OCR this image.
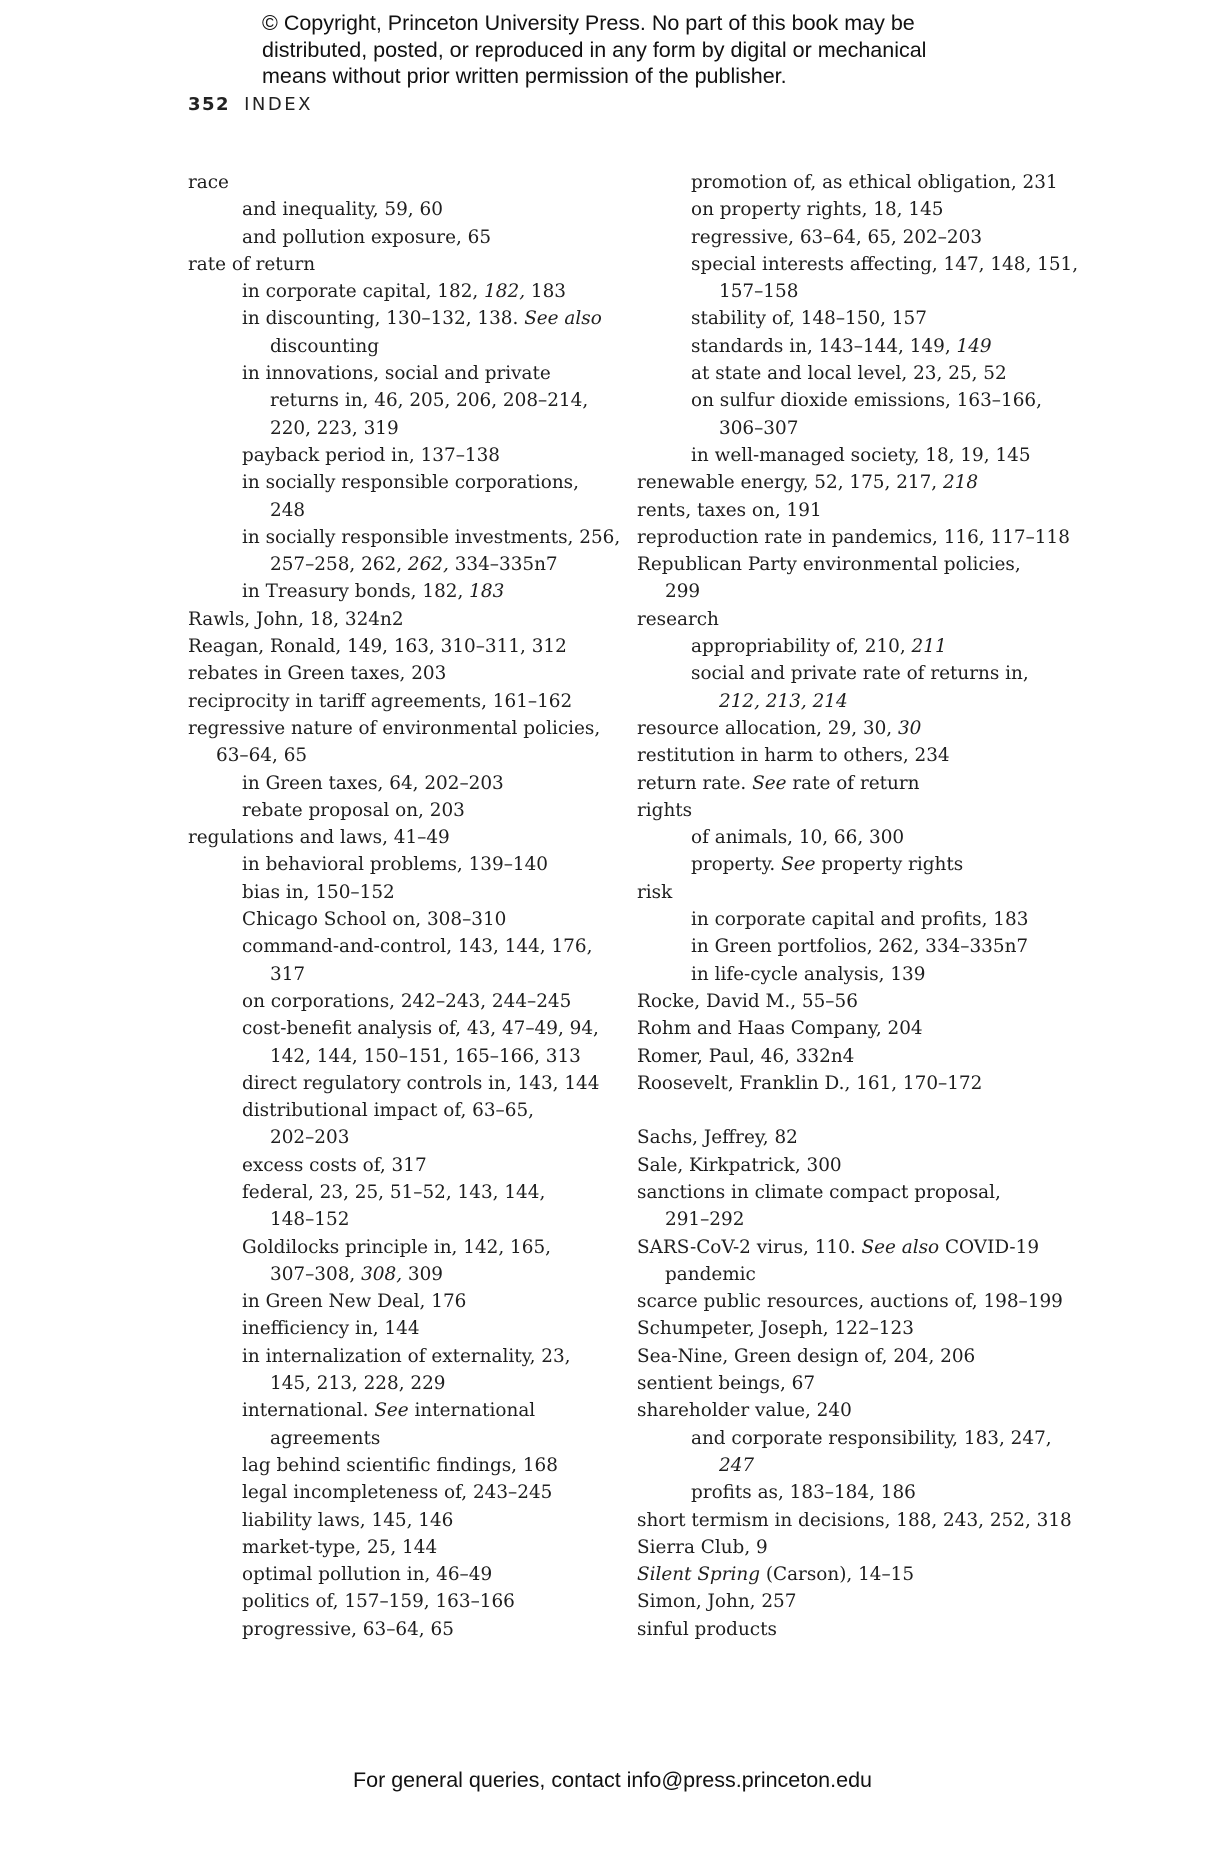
© Copyright, Princeton University Press. No part of this book may be
distributed, posted, or reproduced in any form by digital or mechanical
means without prior written permission of the publisher.
352 INDEX
race
and inequality, 59, 60
and pollution exposure, 65
rate of return
in corporate capital, 182, 182, 183
in discounting, 130–132, 138. See also
discounting
in innovations, social and private
returns in, 46, 205, 206, 208–214,
220, 223, 319
payback period in, 137–138
in socially responsible corporations,
248
in socially responsible investments, 256,
257–258, 262, 262, 334–335n7
in Treasury bonds, 182, 183
Rawls, John, 18, 324n2
Reagan, Ronald, 149, 163, 310–311, 312
rebates in Green taxes, 203
reciprocity in tariff agreements, 161–162
regressive nature of environmental policies,
63–64, 65
in Green taxes, 64, 202–203
rebate proposal on, 203
regulations and laws, 41–49
in behavioral problems, 139–140
bias in, 150–152
Chicago School on, 308–310
command-and-control, 143, 144, 176,
317
on corporations, 242–243, 244–245
cost-benefit analysis of, 43, 47–49, 94,
142, 144, 150–151, 165–166, 313
direct regulatory controls in, 143, 144
distributional impact of, 63–65,
202–203
excess costs of, 317
federal, 23, 25, 51–52, 143, 144,
148–152
Goldilocks principle in, 142, 165,
307–308, 308, 309
in Green New Deal, 176
inefficiency in, 144
in internalization of externality, 23,
145, 213, 228, 229
international. See international
agreements
lag behind scientific findings, 168
legal incompleteness of, 243–245
liability laws, 145, 146
market-type, 25, 144
optimal pollution in, 46–49
politics of, 157–159, 163–166
progressive, 63–64, 65
promotion of, as ethical obligation, 231
on property rights, 18, 145
regressive, 63–64, 65, 202–203
special interests affecting, 147, 148, 151,
157–158
stability of, 148–150, 157
standards in, 143–144, 149, 149
at state and local level, 23, 25, 52
on sulfur dioxide emissions, 163–166,
306–307
in well-managed society, 18, 19, 145
renewable energy, 52, 175, 217, 218
rents, taxes on, 191
reproduction rate in pandemics, 116, 117–118
Republican Party environmental policies,
299
research
appropriability of, 210, 211
social and private rate of returns in,
212, 213, 214
resource allocation, 29, 30, 30
restitution in harm to others, 234
return rate. See rate of return
rights
of animals, 10, 66, 300
property. See property rights
risk
in corporate capital and profits, 183
in Green portfolios, 262, 334–335n7
in life-cycle analysis, 139
Rocke, David M., 55–56
Rohm and Haas Company, 204
Romer, Paul, 46, 332n4
Roosevelt, Franklin D., 161, 170–172
Sachs, Jeffrey, 82
Sale, Kirkpatrick, 300
sanctions in climate compact proposal,
291–292
SARS-CoV-2 virus, 110. See also COVID-19
pandemic
scarce public resources, auctions of, 198–199
Schumpeter, Joseph, 122–123
Sea-Nine, Green design of, 204, 206
sentient beings, 67
shareholder value, 240
and corporate responsibility, 183, 247,
247
profits as, 183–184, 186
short termism in decisions, 188, 243, 252, 318
Sierra Club, 9
Silent Spring (Carson), 14–15
Simon, John, 257
sinful products
For general queries, contact info@press.princeton.edu
